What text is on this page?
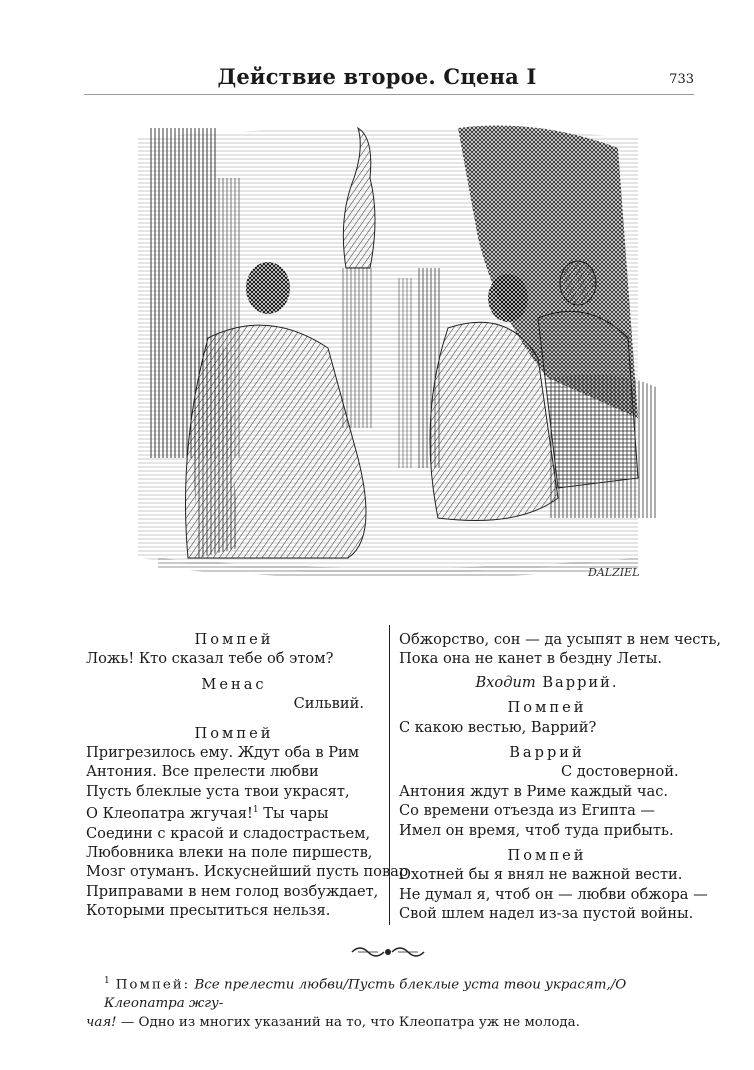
Действие второе. Сцена I	733
DALZIEL
Помпей
Ложь! Кто сказал тебе об этом?
Менас
Сильвий.
Помпей
Пригрезилось ему. Ждут оба в Рим
Антония. Все прелести любви
Пусть блеклые уста твои украсят,
О Клеопатра жгучая!$^1$ Ты чары
Соедини с красой и сладострастьем,
Любовника влеки на поле пиршеств,
Мозг отуманъ. Искуснейший пусть повар
Приправами в нем голод возбуждает,
Которыми пресытиться нельзя.
Обжорство, сон — да усыпят в нем честь,
Пока она не канет в бездну Леты.
Входит Варрий.
Помпей
С какою вестью, Варрий?
Варрий
С достоверной.
Антония ждут в Риме каждый час.
Со времени отъезда из Египта —
Имел он время, чтоб туда прибыть.
Помпей
Охотней бы я внял не важной вести.
Не думал я, чтоб он — любви обжора —
Свой шлем надел из-за пустой войны.
$^1$ Помпей: Все прелести любви/Пусть блеклые уста твои украсят,/О Клеопатра жгу-
чая! — Одно из многих указаний на то, что Клеопатра уж не молода.
